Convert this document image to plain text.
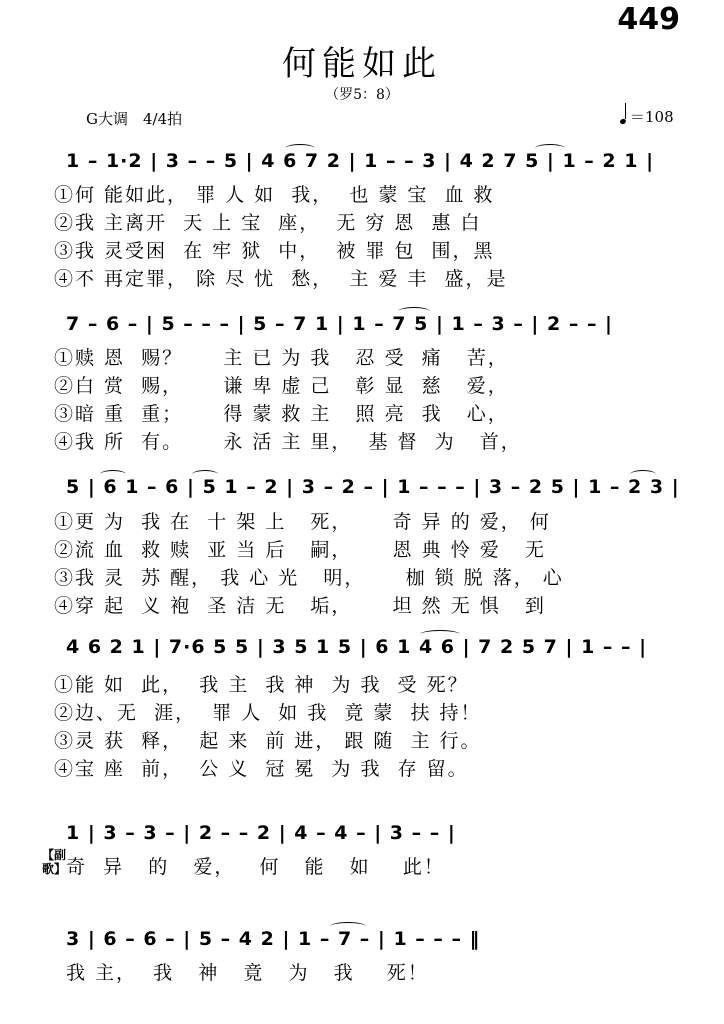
449
何能如此
（罗5：8）
G大调　4/4拍	＝108
1 – 1·2 | 3 – – 5 | 4 6 7 2 | 1 – – 3 | 4 2 7 5 | 1 – 2 1 |
①何 能如此， 罪 人 如  我，  也 蒙 宝  血 救
②我 主离开  天 上 宝  座，  无 穷 恩  惠 白
③我 灵受困  在 牢 狱  中，  被 罪 包  围，黑
④不 再定罪， 除 尽 忧  愁，  主 爱 丰  盛，是
7 – 6 – | 5 – – – | 5 – 7 1 | 1 – 7 5 | 1 – 3 – | 2 – – |
①赎 恩  赐？     主 已 为 我   忍 受  痛   苦，
②白 赏  赐，     谦 卑 虚 己   彰 显  慈   爱，
③暗 重  重；     得 蒙 救 主   照 亮  我   心，
④我 所  有。     永 活 主 里，  基 督  为   首，
5 | 6 1 – 6 | 5 1 – 2 | 3 – 2 – | 1 – – – | 3 – 2 5 | 1 – 2 3 |
①更 为  我 在  十 架 上   死，     奇 异 的 爱， 何
②流 血  救 赎  亚 当 后   嗣，     恩 典 怜 爱   无
③我 灵  苏 醒， 我 心 光   明，     枷 锁 脱 落， 心
④穿 起  义 袍  圣 洁 无   垢，     坦 然 无 惧   到
4 6 2 1 | 7·6 5 5 | 3 5 1 5 | 6 1 4 6 | 7 2 5 7 | 1 – – |
①能 如  此，  我 主  我 神  为 我  受 死？
②边、无  涯，  罪 人  如 我  竟 蒙  扶 持！
③灵 获  释，  起 来  前 进， 跟 随  主 行。
④宝 座  前，  公 义  冠 冕  为 我  存 留。
【副歌】
1 | 3 – 3 – | 2 – – 2 | 4 – 4 – | 3 – – |
奇  异   的   爱，   何   能   如    此！
3 | 6 – 6 – | 5 – 4 2 | 1 – 7 – | 1 – – – ‖
我 主，  我   神   竟   为   我    死！
